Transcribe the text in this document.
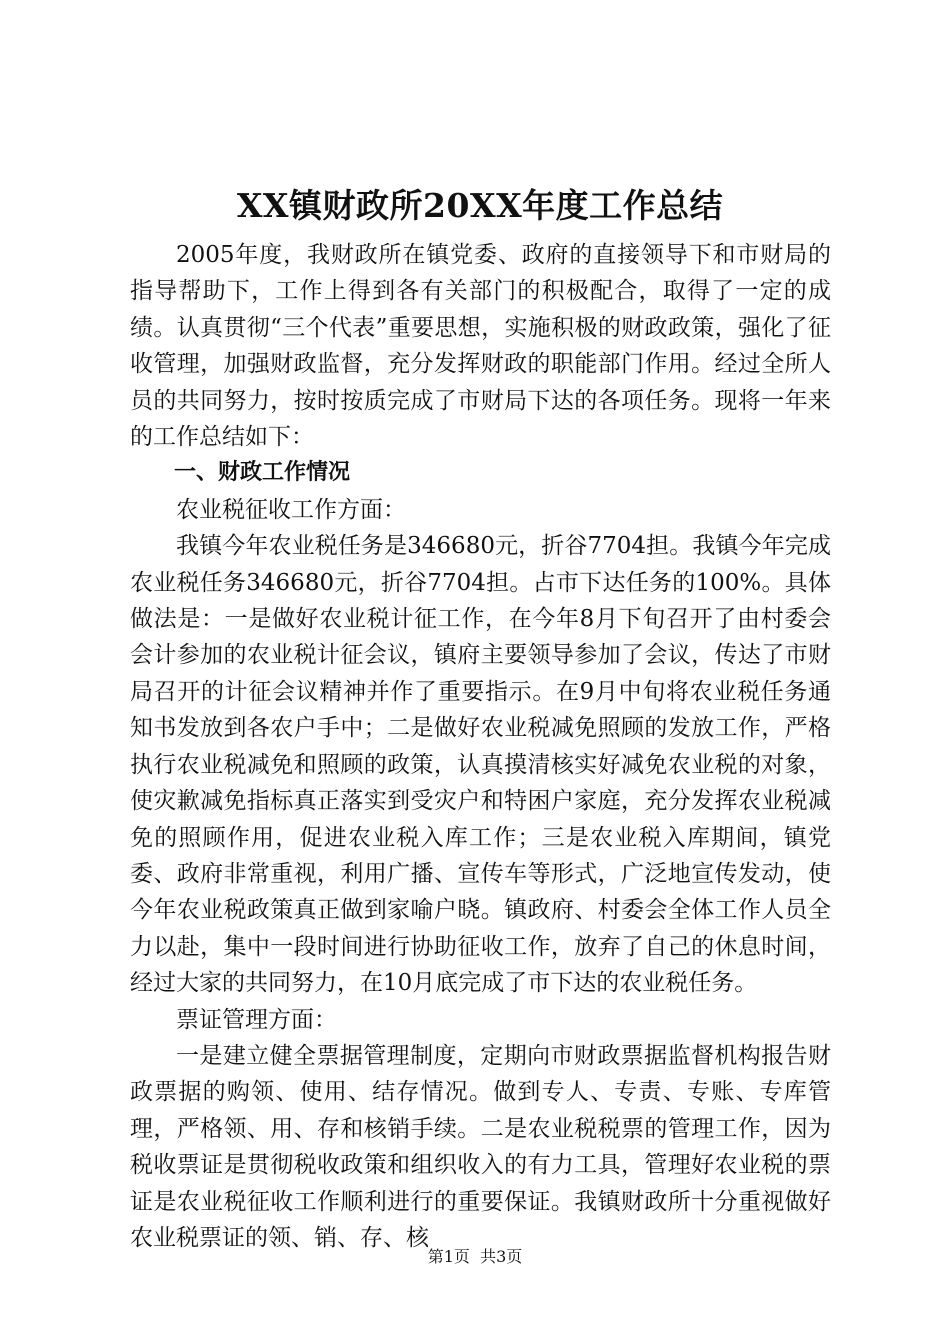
XX镇财政所20XX年度工作总结

2005年度，我财政所在镇党委、政府的直接领导下和市财局的指导帮助下，工作上得到各有关部门的积极配合，取得了一定的成绩。认真贯彻“三个代表”重要思想，实施积极的财政政策，强化了征收管理，加强财政监督，充分发挥财政的职能部门作用。经过全所人员的共同努力，按时按质完成了市财局下达的各项任务。现将一年来的工作总结如下：

一、财政工作情况

农业税征收工作方面：

我镇今年农业税任务是346680元，折谷7704担。我镇今年完成农业税任务346680元，折谷7704担。占市下达任务的100%。具体做法是：一是做好农业税计征工作，在今年8月下旬召开了由村委会会计参加的农业税计征会议，镇府主要领导参加了会议，传达了市财局召开的计征会议精神并作了重要指示。在9月中旬将农业税任务通知书发放到各农户手中；二是做好农业税减免照顾的发放工作，严格执行农业税减免和照顾的政策，认真摸清核实好减免农业税的对象，使灾歉减免指标真正落实到受灾户和特困户家庭，充分发挥农业税减免的照顾作用，促进农业税入库工作；三是农业税入库期间，镇党委、政府非常重视，利用广播、宣传车等形式，广泛地宣传发动，使今年农业税政策真正做到家喻户晓。镇政府、村委会全体工作人员全力以赴，集中一段时间进行协助征收工作，放弃了自己的休息时间，经过大家的共同努力，在10月底完成了市下达的农业税任务。

票证管理方面：

一是建立健全票据管理制度，定期向市财政票据监督机构报告财政票据的购领、使用、结存情况。做到专人、专责、专账、专库管理，严格领、用、存和核销手续。二是农业税税票的管理工作，因为税收票证是贯彻税收政策和组织收入的有力工具，管理好农业税的票证是农业税征收工作顺利进行的重要保证。我镇财政所十分重视做好农业税票证的领、销、存、核

第1页 共3页
